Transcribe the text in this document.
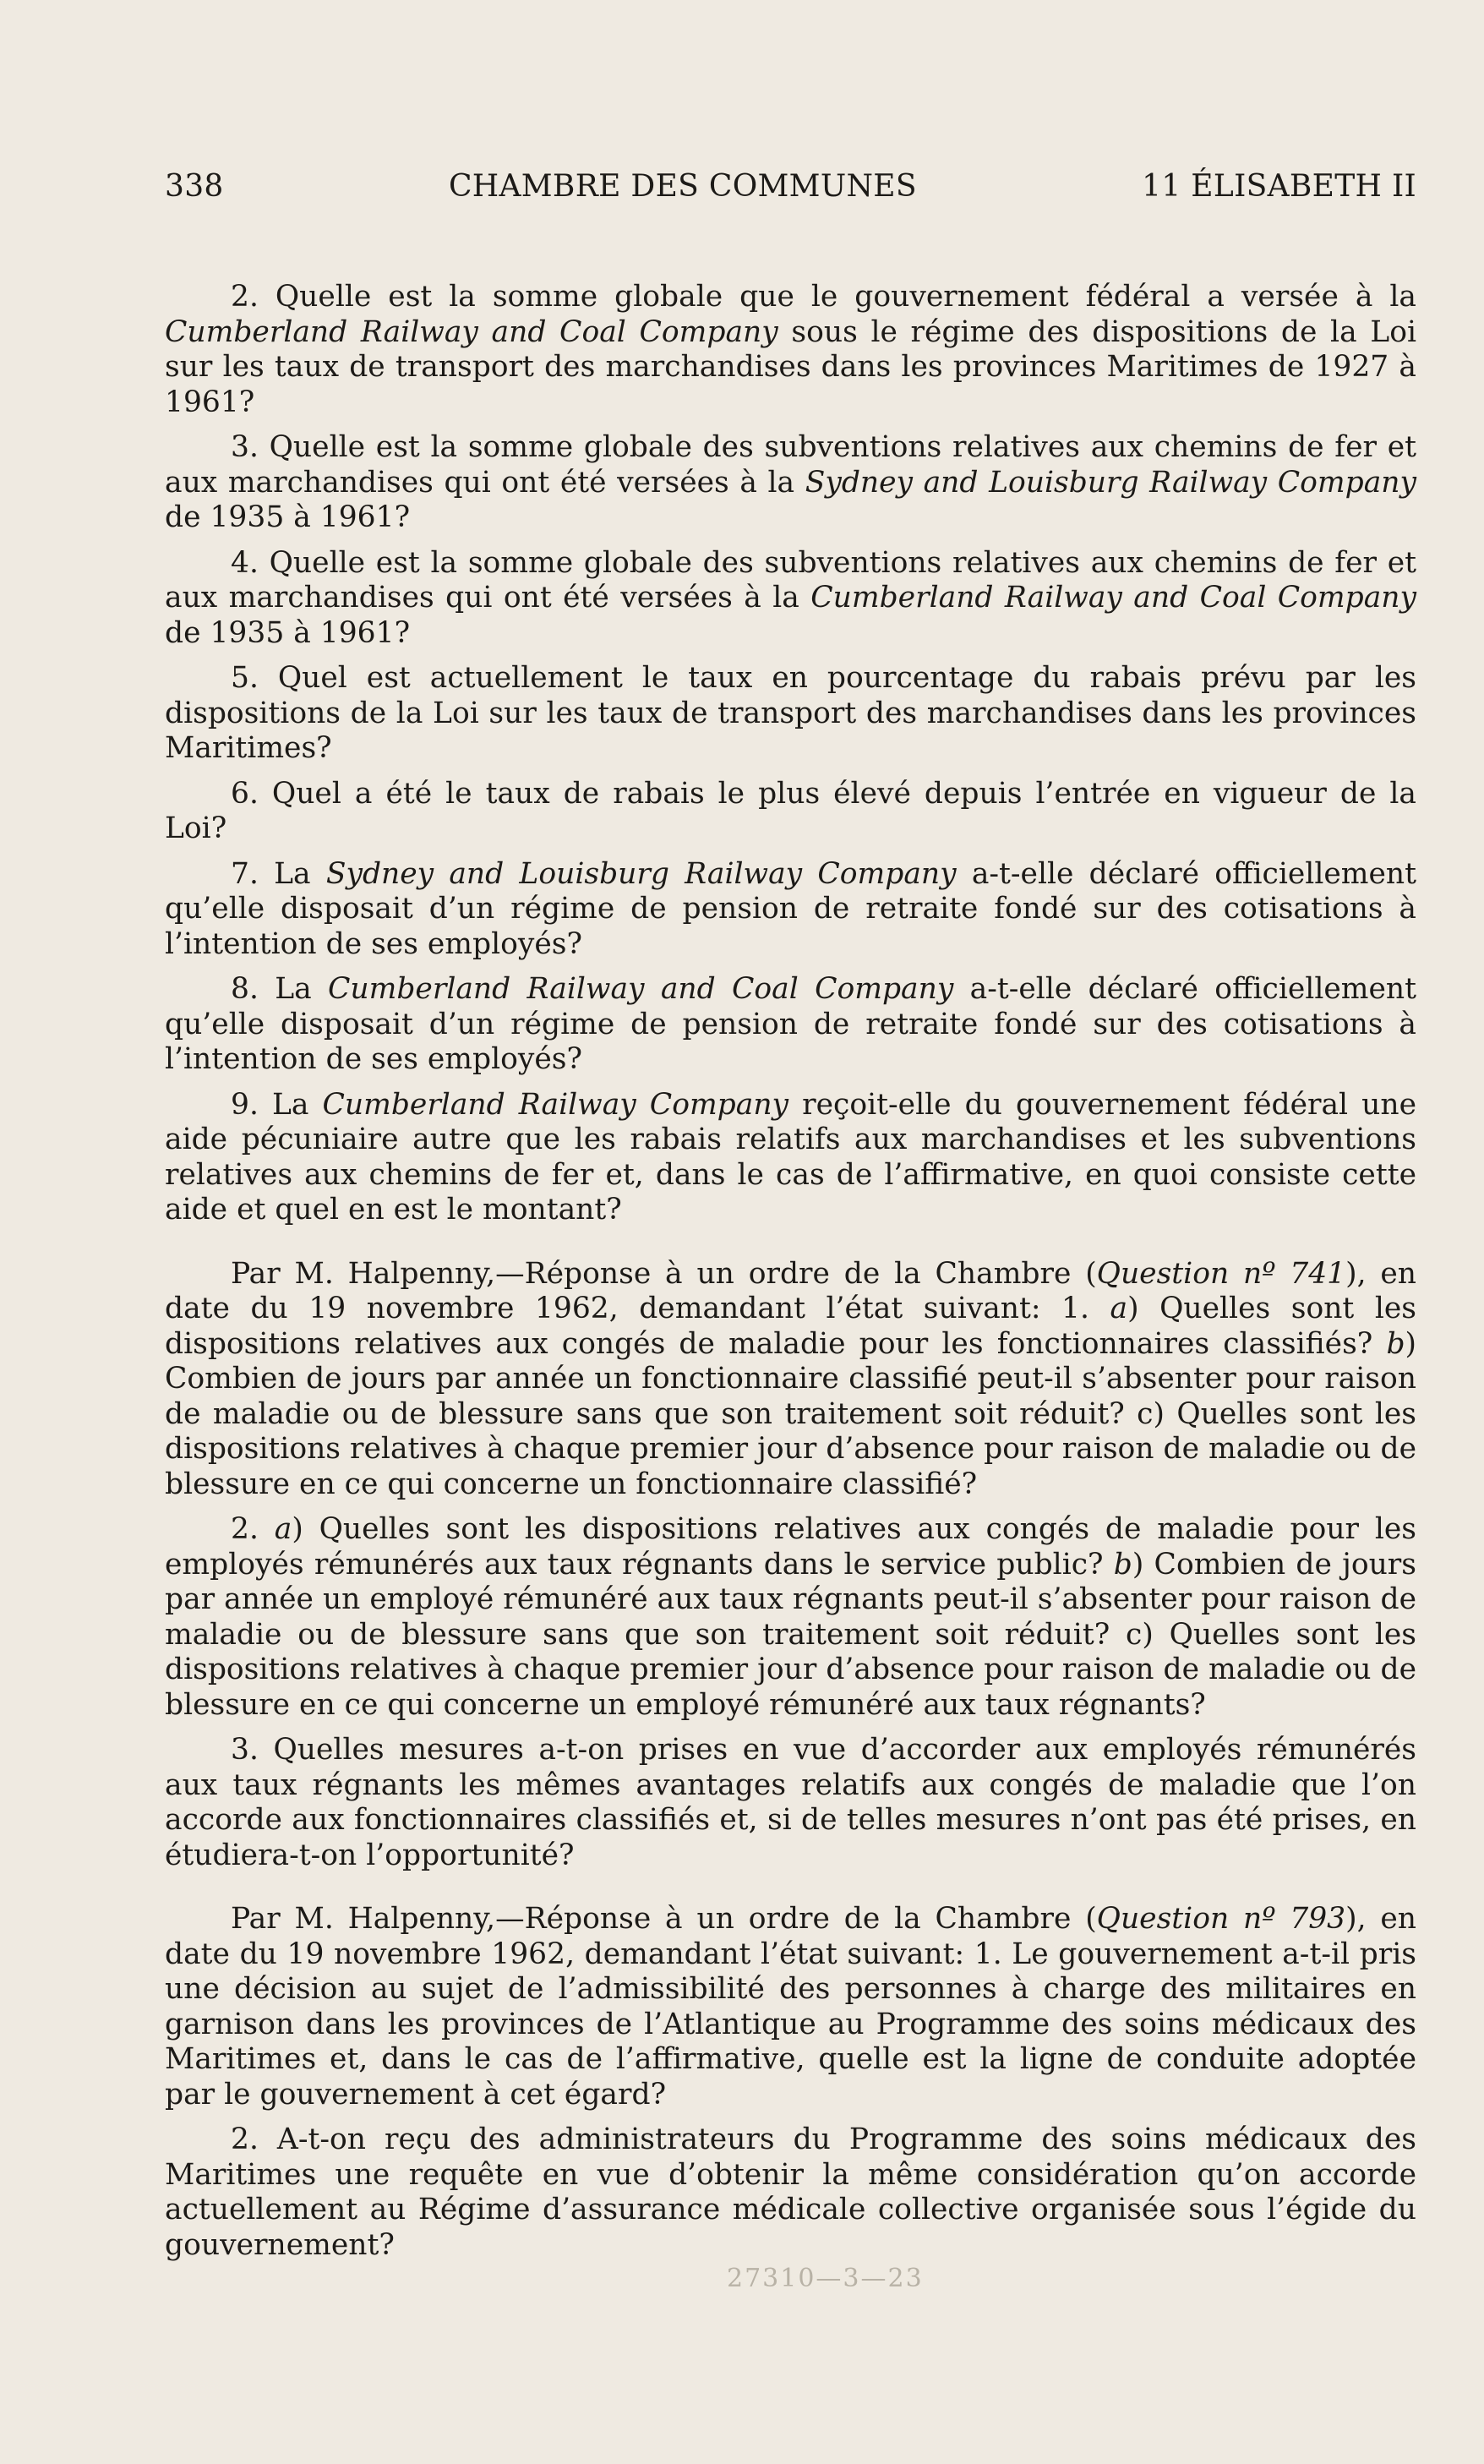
338	CHAMBRE DES COMMUNES	11 ÉLISABETH II

2. Quelle est la somme globale que le gouvernement fédéral a versée à la Cumberland Railway and Coal Company sous le régime des dispositions de la Loi sur les taux de transport des marchandises dans les provinces Maritimes de 1927 à 1961?

3. Quelle est la somme globale des subventions relatives aux chemins de fer et aux marchandises qui ont été versées à la Sydney and Louisburg Railway Company de 1935 à 1961?

4. Quelle est la somme globale des subventions relatives aux chemins de fer et aux marchandises qui ont été versées à la Cumberland Railway and Coal Company de 1935 à 1961?

5. Quel est actuellement le taux en pourcentage du rabais prévu par les dispositions de la Loi sur les taux de transport des marchandises dans les provinces Maritimes?

6. Quel a été le taux de rabais le plus élevé depuis l’entrée en vigueur de la Loi?

7. La Sydney and Louisburg Railway Company a-t-elle déclaré officiellement qu’elle disposait d’un régime de pension de retraite fondé sur des cotisations à l’intention de ses employés?

8. La Cumberland Railway and Coal Company a-t-elle déclaré officiellement qu’elle disposait d’un régime de pension de retraite fondé sur des cotisations à l’intention de ses employés?

9. La Cumberland Railway Company reçoit-elle du gouvernement fédéral une aide pécuniaire autre que les rabais relatifs aux marchandises et les subventions relatives aux chemins de fer et, dans le cas de l’affirmative, en quoi consiste cette aide et quel en est le montant?

Par M. Halpenny,—Réponse à un ordre de la Chambre (Question nº 741), en date du 19 novembre 1962, demandant l’état suivant: 1. a) Quelles sont les dispositions relatives aux congés de maladie pour les fonctionnaires classifiés? b) Combien de jours par année un fonctionnaire classifié peut-il s’absenter pour raison de maladie ou de blessure sans que son traitement soit réduit? c) Quelles sont les dispositions relatives à chaque premier jour d’absence pour raison de maladie ou de blessure en ce qui concerne un fonctionnaire classifié?

2. a) Quelles sont les dispositions relatives aux congés de maladie pour les employés rémunérés aux taux régnants dans le service public? b) Combien de jours par année un employé rémunéré aux taux régnants peut-il s’absenter pour raison de maladie ou de blessure sans que son traitement soit réduit? c) Quelles sont les dispositions relatives à chaque premier jour d’absence pour raison de maladie ou de blessure en ce qui concerne un employé rémunéré aux taux régnants?

3. Quelles mesures a-t-on prises en vue d’accorder aux employés rémunérés aux taux régnants les mêmes avantages relatifs aux congés de maladie que l’on accorde aux fonctionnaires classifiés et, si de telles mesures n’ont pas été prises, en étudiera-t-on l’opportunité?

Par M. Halpenny,—Réponse à un ordre de la Chambre (Question nº 793), en date du 19 novembre 1962, demandant l’état suivant: 1. Le gouvernement a-t-il pris une décision au sujet de l’admissibilité des personnes à charge des militaires en garnison dans les provinces de l’Atlantique au Programme des soins médicaux des Maritimes et, dans le cas de l’affirmative, quelle est la ligne de conduite adoptée par le gouvernement à cet égard?

2. A-t-on reçu des administrateurs du Programme des soins médicaux des Maritimes une requête en vue d’obtenir la même considération qu’on accorde actuellement au Régime d’assurance médicale collective organisée sous l’égide du gouvernement?

27310—3—23
